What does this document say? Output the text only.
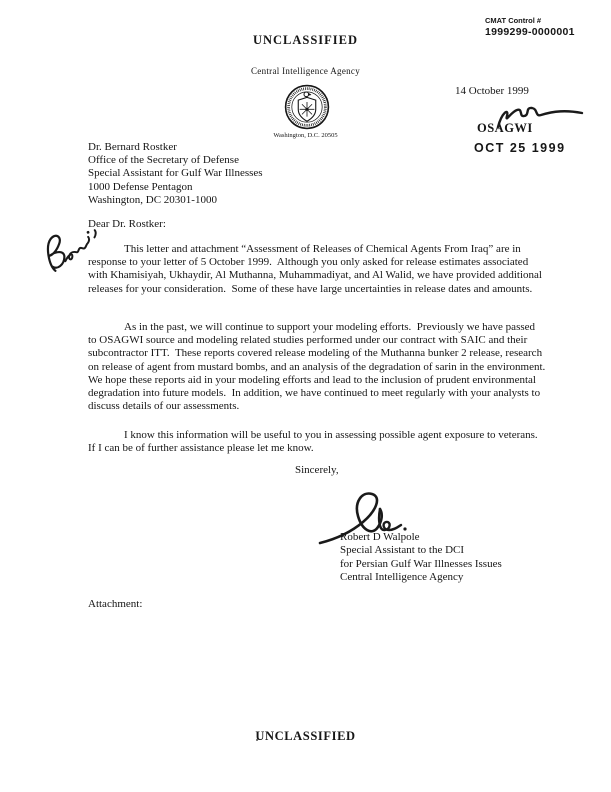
UNCLASSIFIED
CMAT Control #
1999299-0000001
Central Intelligence Agency
Washington, D.C. 20505
14 October 1999
OSAGWI
OCT 25 1999
Dr. Bernard Rostker
Office of the Secretary of Defense
Special Assistant for Gulf War Illnesses
1000 Defense Pentagon
Washington, DC 20301-1000
Dear Dr. Rostker:
This letter and attachment “Assessment of Releases of Chemical Agents From Iraq” are in response to your letter of 5 October 1999.  Although you only asked for release estimates associated with Khamisiyah, Ukhaydir, Al Muthanna, Muhammadiyat, and Al Walid, we have provided additional releases for your consideration.  Some of these have large uncertainties in release dates and amounts.
As in the past, we will continue to support your modeling efforts.  Previously we have passed to OSAGWI source and modeling related studies performed under our contract with SAIC and their subcontractor ITT.  These reports covered release modeling of the Muthanna bunker 2 release, research on release of agent from mustard bombs, and an analysis of the degradation of sarin in the environment.  We hope these reports aid in your modeling efforts and lead to the inclusion of prudent environmental degradation into future models.  In addition, we have continued to meet regularly with your analysts to discuss details of our assessments.
I know this information will be useful to you in assessing possible agent exposure to veterans.  If I can be of further assistance please let me know.
Sincerely,
Robert D Walpole
Special Assistant to the DCI
for Persian Gulf War Illnesses Issues
Central Intelligence Agency
Attachment:
UNCLASSIFIED
